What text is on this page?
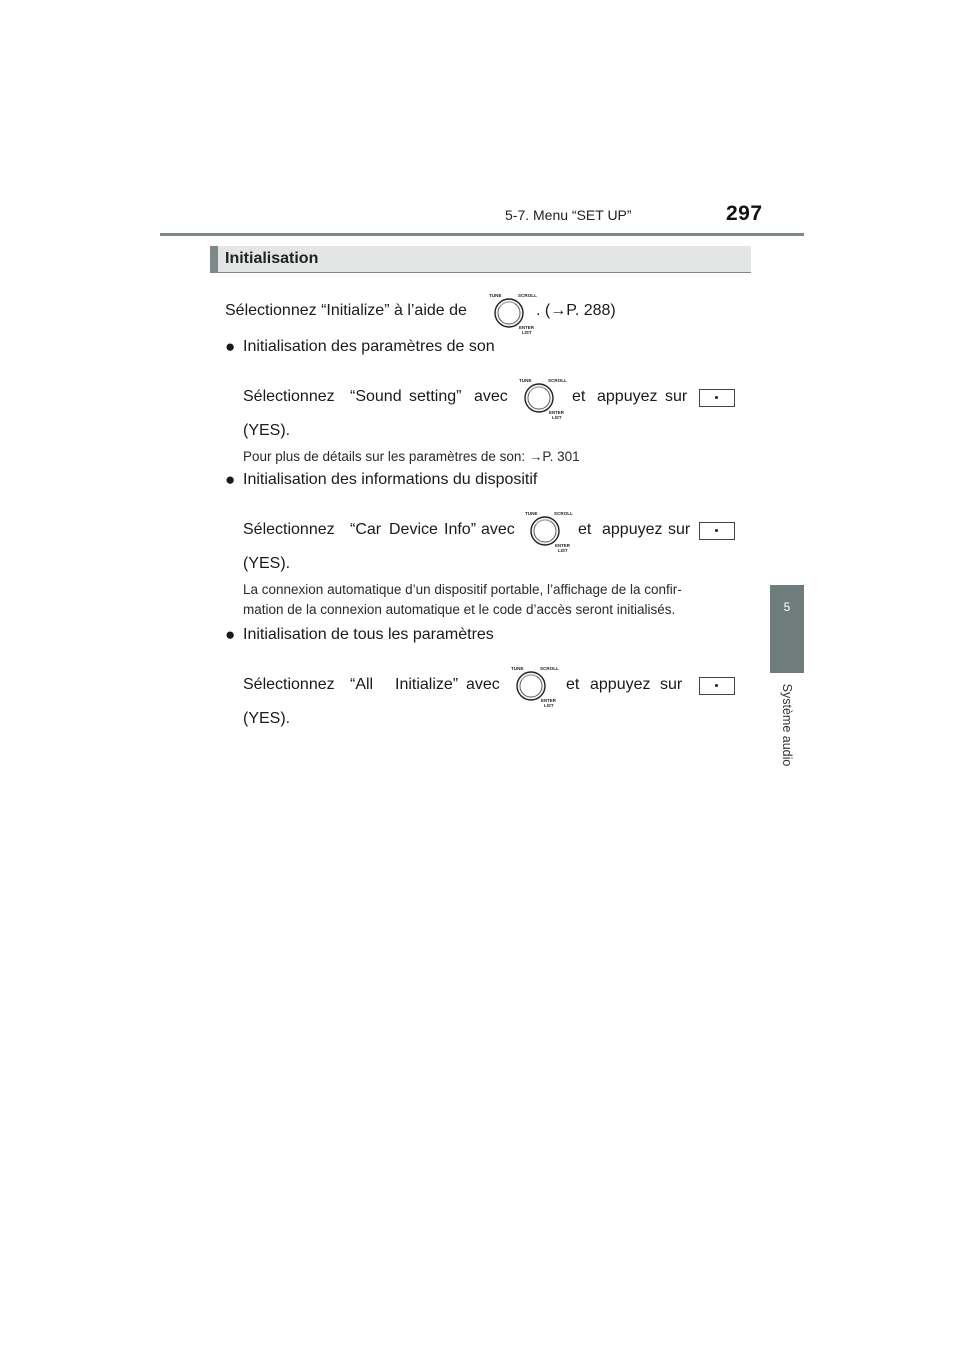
5-7. Menu “SET UP”	297
5
Système audio
Initialisation
Sélectionnez “Initialize” à l’aide de
TUNE	SCROLL
ENTER
LIST
. (→P. 288)
● Initialisation des paramètres de son
Sélectionnez “Sound setting” avec
TUNE	SCROLL
ENTER
LIST
et appuyez sur
(YES).
Pour plus de détails sur les paramètres de son: →P. 301
● Initialisation des informations du dispositif
Sélectionnez “Car Device Info” avec
TUNE	SCROLL
ENTER
LIST
et appuyez sur
(YES).
La connexion automatique d’un dispositif portable, l’affichage de la confir-
mation de la connexion automatique et le code d’accès seront initialisés.
● Initialisation de tous les paramètres
Sélectionnez “All Initialize” avec
TUNE	SCROLL
ENTER
LIST
et appuyez sur
(YES).
